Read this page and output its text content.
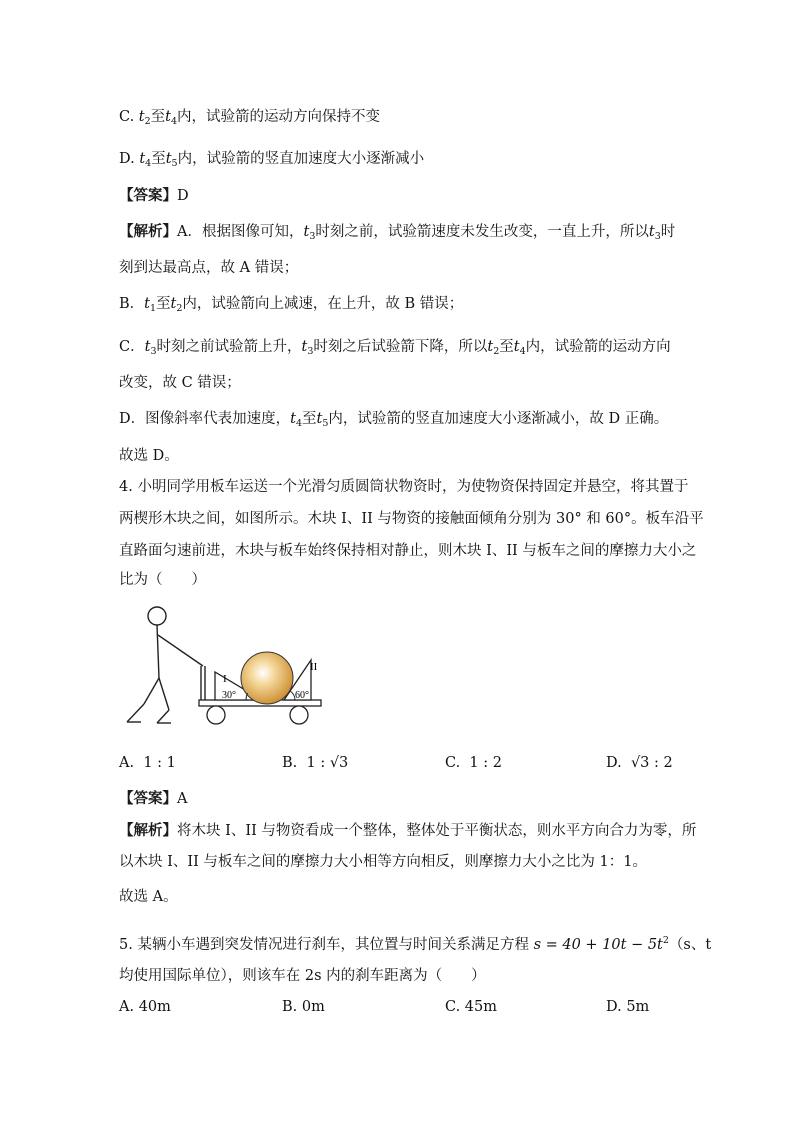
C. $t_2$至$t_4$内，试验箭的运动方向保持不变
D. $t_4$至$t_5$内，试验箭的竖直加速度大小逐渐减小
【答案】D
【解析】A．根据图像可知，$t_3$时刻之前，试验箭速度未发生改变，一直上升，所以$t_3$时
刻到达最高点，故 A 错误；
B．$t_1$至$t_2$内，试验箭向上减速，在上升，故 B 错误；
C．$t_3$时刻之前试验箭上升，$t_3$时刻之后试验箭下降，所以$t_2$至$t_4$内，试验箭的运动方向
改变，故 C 错误；
D．图像斜率代表加速度，$t_4$至$t_5$内，试验箭的竖直加速度大小逐渐减小，故 D 正确。
故选 D。
4. 小明同学用板车运送一个光滑匀质圆筒状物资时，为使物资保持固定并悬空，将其置于
两楔形木块之间，如图所示。木块 I、II 与物资的接触面倾角分别为 30° 和 60°。板车沿平
直路面匀速前进，木块与板车始终保持相对静止，则木块 I、II 与板车之间的摩擦力大小之
比为（　　）
I
II
30°	60°
A. 1 : 1	B. 1 : √3	C. 1 : 2	D. √3 : 2
【答案】A
【解析】将木块 I、II 与物资看成一个整体，整体处于平衡状态，则水平方向合力为零，所
以木块 I、II 与板车之间的摩擦力大小相等方向相反，则摩擦力大小之比为 1：1。
故选 A。
5. 某辆小车遇到突发情况进行刹车，其位置与时间关系满足方程 $s = 40 + 10t - 5t^2(s$、t
均使用国际单位），则该车在 2s 内的刹车距离为（　　）
A. 40m	B. 0m	C. 45m	D. 5m
